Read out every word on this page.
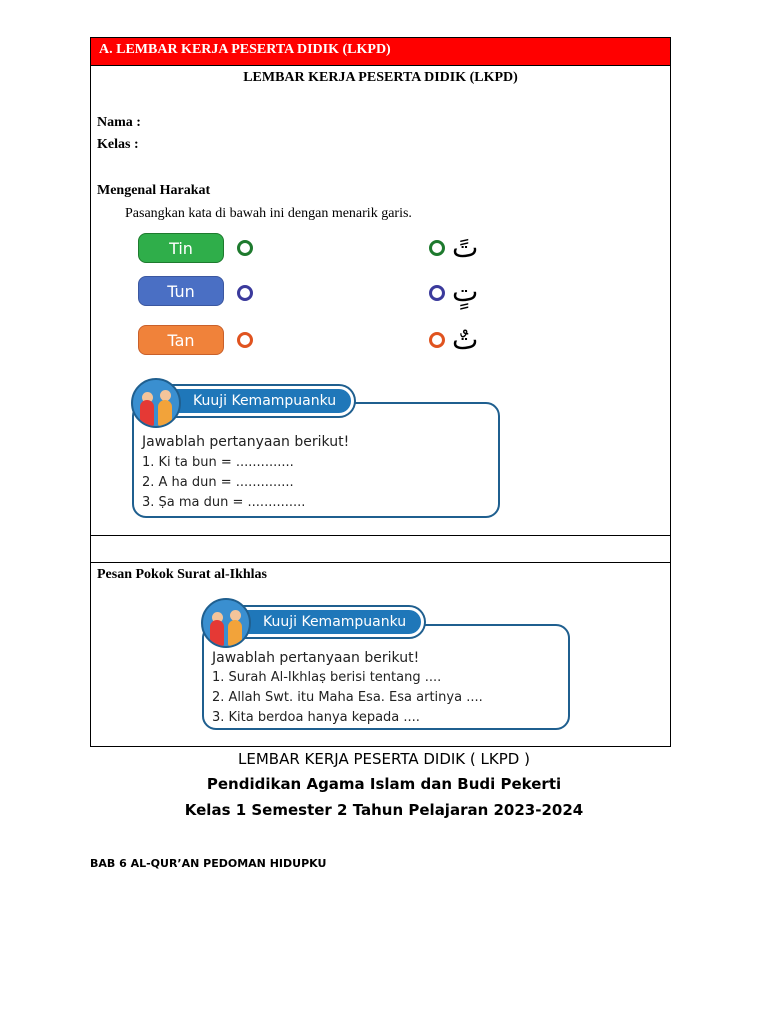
A. LEMBAR KERJA PESERTA DIDIK (LKPD)
LEMBAR KERJA PESERTA DIDIK (LKPD)
Nama :
Kelas :
Mengenal Harakat
Pasangkan kata di bawah ini dengan menarik garis.
Tin
Tun
Tan
تً
تٍ
تٌ
Jawablah pertanyaan berikut!
1. Ki ta bun = ..............
2. A ha dun = ..............
3. Ṣa ma dun = ..............
Kuuji Kemampuanku
Pesan Pokok Surat al-Ikhlas
Jawablah pertanyaan berikut!
1. Surah Al-Ikhlaṣ berisi tentang ....
2. Allah Swt. itu Maha Esa. Esa artinya ....
3. Kita berdoa hanya kepada ....
Kuuji Kemampuanku
LEMBAR KERJA PESERTA DIDIK ( LKPD )
Pendidikan Agama Islam dan Budi Pekerti
Kelas 1 Semester 2 Tahun Pelajaran 2023-2024
BAB 6 AL-QUR’AN PEDOMAN HIDUPKU
